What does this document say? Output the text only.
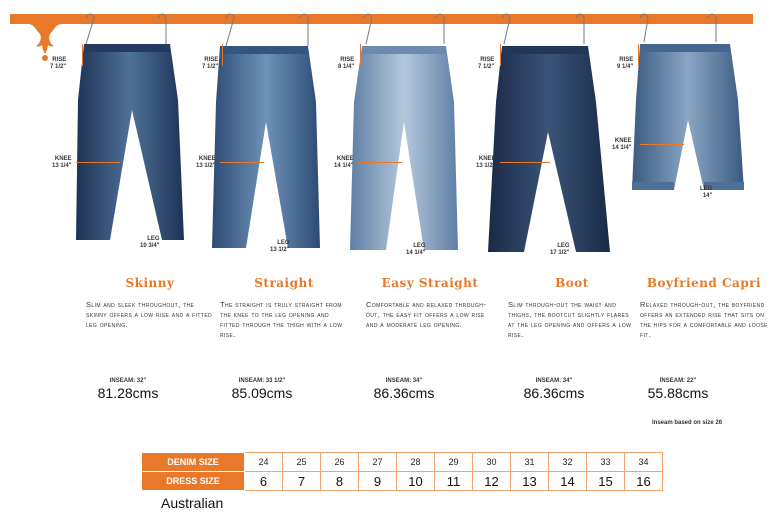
RISE
7 1/2"
KNEE
13 1/4"
LEG
10 3/4"
RISE
7 1/2"
KNEE
13 1/2"
LEG
13 1/2"
RISE
8 1/4"
KNEE
14 1/4"
LEG
14 1/4"
RISE
7 1/2"
KNEE
13 1/2"
LEG
17 1/2"
RISE
9 1/4"
KNEE
14 1/4"
LEG
14"
Skinny
Slim and sleek throughout, the skinny offers a low rise and a fitted leg opening.
Straight
The straight is truly straight from the knee to the leg opening and fitted through the thigh with a low rise.
Easy Straight
Comfortable and relaxed through-out, the easy fit offers a low rise and a moderate leg opening.
Boot
Slim through-out the waist and thighs, the bootcut slightly flares at the leg opening and offers a low rise.
Boyfriend Capri
Relaxed through-out, the boyfriend offers an extended rise that sits on the hips for a comfortable and loose fit.
INSEAM: 32"
81.28cms
INSEAM: 33 1/2"
85.09cms
INSEAM: 34"
86.36cms
INSEAM: 34"
86.36cms
INSEAM: 22"
55.88cms
Inseam based on size 26
DENIM SIZE	24	25	26	27	28	29	30	31	32	33	34
DRESS SIZE	6	7	8	9	10	11	12	13	14	15	16
Australian
